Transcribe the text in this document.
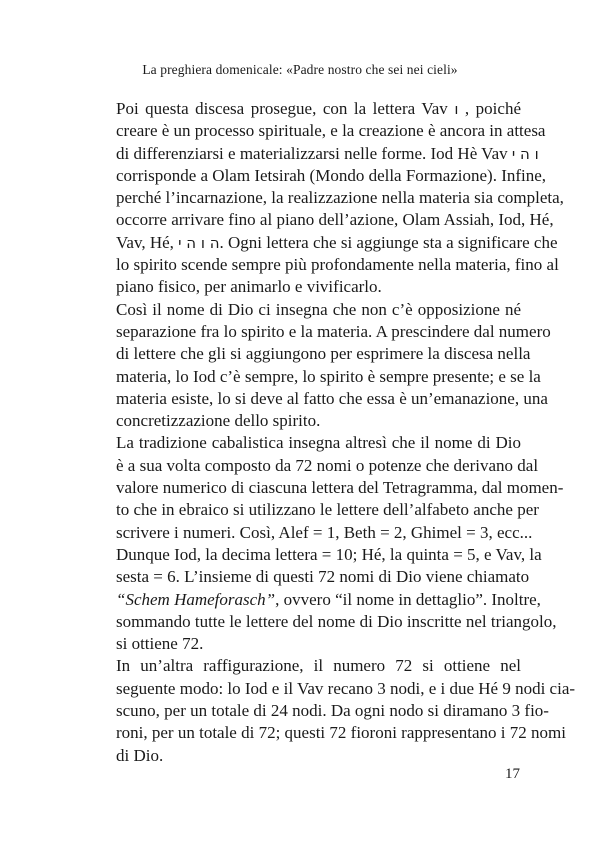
La preghiera domenicale: «Padre nostro che sei nei cieli»

Poi questa discesa prosegue, con la lettera Vav ו , poiché
creare è un processo spirituale, e la creazione è ancora in attesa
di differenziarsi e materializzarsi nelle forme. Iod Hè Vav ו ה י
corrisponde a Olam Ietsirah (Mondo della Formazione). Infine,
perché l’incarnazione, la realizzazione nella materia sia completa,
occorre arrivare fino al piano dell’azione, Olam Assiah, Iod, Hé,
Vav, Hé, ה ו ה י. Ogni lettera che si aggiunge sta a significare che
lo spirito scende sempre più profondamente nella materia, fino al
piano fisico, per animarlo e vivificarlo.

Così il nome di Dio ci insegna che non c’è opposizione né
separazione fra lo spirito e la materia. A prescindere dal numero
di lettere che gli si aggiungono per esprimere la discesa nella
materia, lo Iod c’è sempre, lo spirito è sempre presente; e se la
materia esiste, lo si deve al fatto che essa è un’emanazione, una
concretizzazione dello spirito.

La tradizione cabalistica insegna altresì che il nome di Dio
è a sua volta composto da 72 nomi o potenze che derivano dal
valore numerico di ciascuna lettera del Tetragramma, dal momen-
to che in ebraico si utilizzano le lettere dell’alfabeto anche per
scrivere i numeri. Così, Alef = 1, Beth = 2, Ghimel = 3, ecc...
Dunque Iod, la decima lettera = 10; Hé, la quinta = 5, e Vav, la
sesta = 6. L’insieme di questi 72 nomi di Dio viene chiamato
“Schem Hameforasch”, ovvero “il nome in dettaglio”. Inoltre,
sommando tutte le lettere del nome di Dio inscritte nel triangolo,
si ottiene 72.

In un’altra raffigurazione, il numero 72 si ottiene nel
seguente modo: lo Iod e il Vav recano 3 nodi, e i due Hé 9 nodi cia-
scuno, per un totale di 24 nodi. Da ogni nodo si diramano 3 fio-
roni, per un totale di 72; questi 72 fioroni rappresentano i 72 nomi
di Dio.

17
